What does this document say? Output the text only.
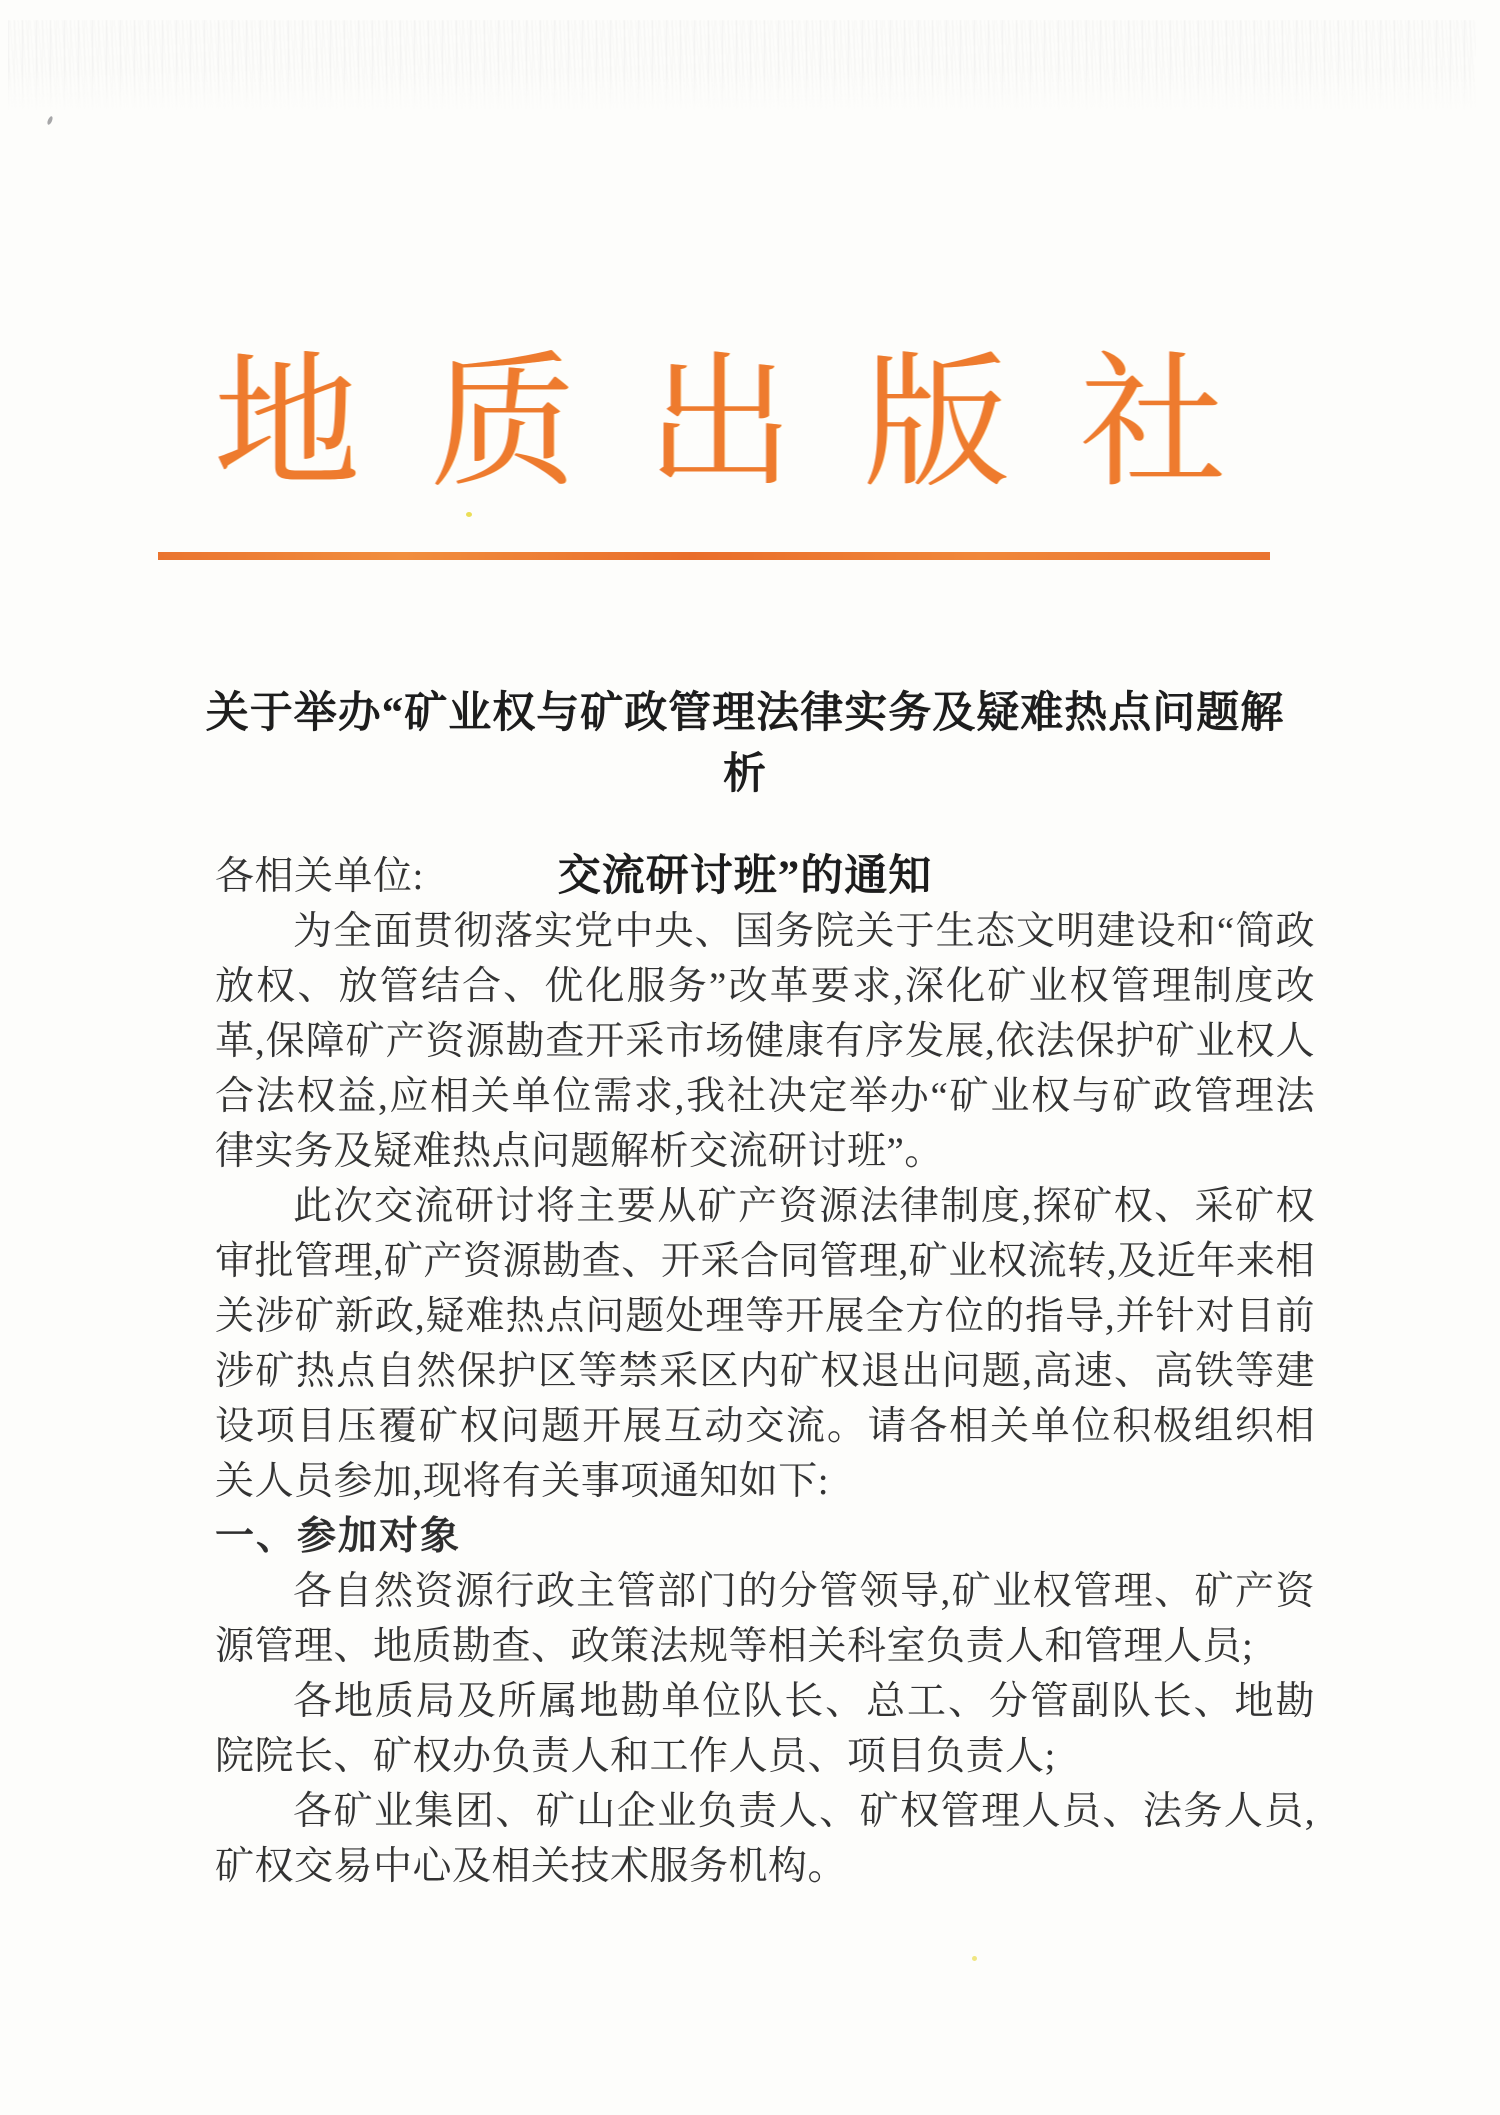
地 质 出 版 社
关于举办“矿业权与矿政管理法律实务及疑难热点问题解析
交流研讨班”的通知

各相关单位:

为全面贯彻落实党中央、国务院关于生态文明建设和“简政放权、放管结合、优化服务”改革要求,深化矿业权管理制度改革,保障矿产资源勘查开采市场健康有序发展,依法保护矿业权人合法权益,应相关单位需求,我社决定举办“矿业权与矿政管理法律实务及疑难热点问题解析交流研讨班”。

此次交流研讨将主要从矿产资源法律制度,探矿权、采矿权审批管理,矿产资源勘查、开采合同管理,矿业权流转,及近年来相关涉矿新政,疑难热点问题处理等开展全方位的指导,并针对目前涉矿热点自然保护区等禁采区内矿权退出问题,高速、高铁等建设项目压覆矿权问题开展互动交流。请各相关单位积极组织相关人员参加,现将有关事项通知如下:

一、参加对象

各自然资源行政主管部门的分管领导,矿业权管理、矿产资源管理、地质勘查、政策法规等相关科室负责人和管理人员;

各地质局及所属地勘单位队长、总工、分管副队长、地勘院院长、矿权办负责人和工作人员、项目负责人;

各矿业集团、矿山企业负责人、矿权管理人员、法务人员,矿权交易中心及相关技术服务机构。
